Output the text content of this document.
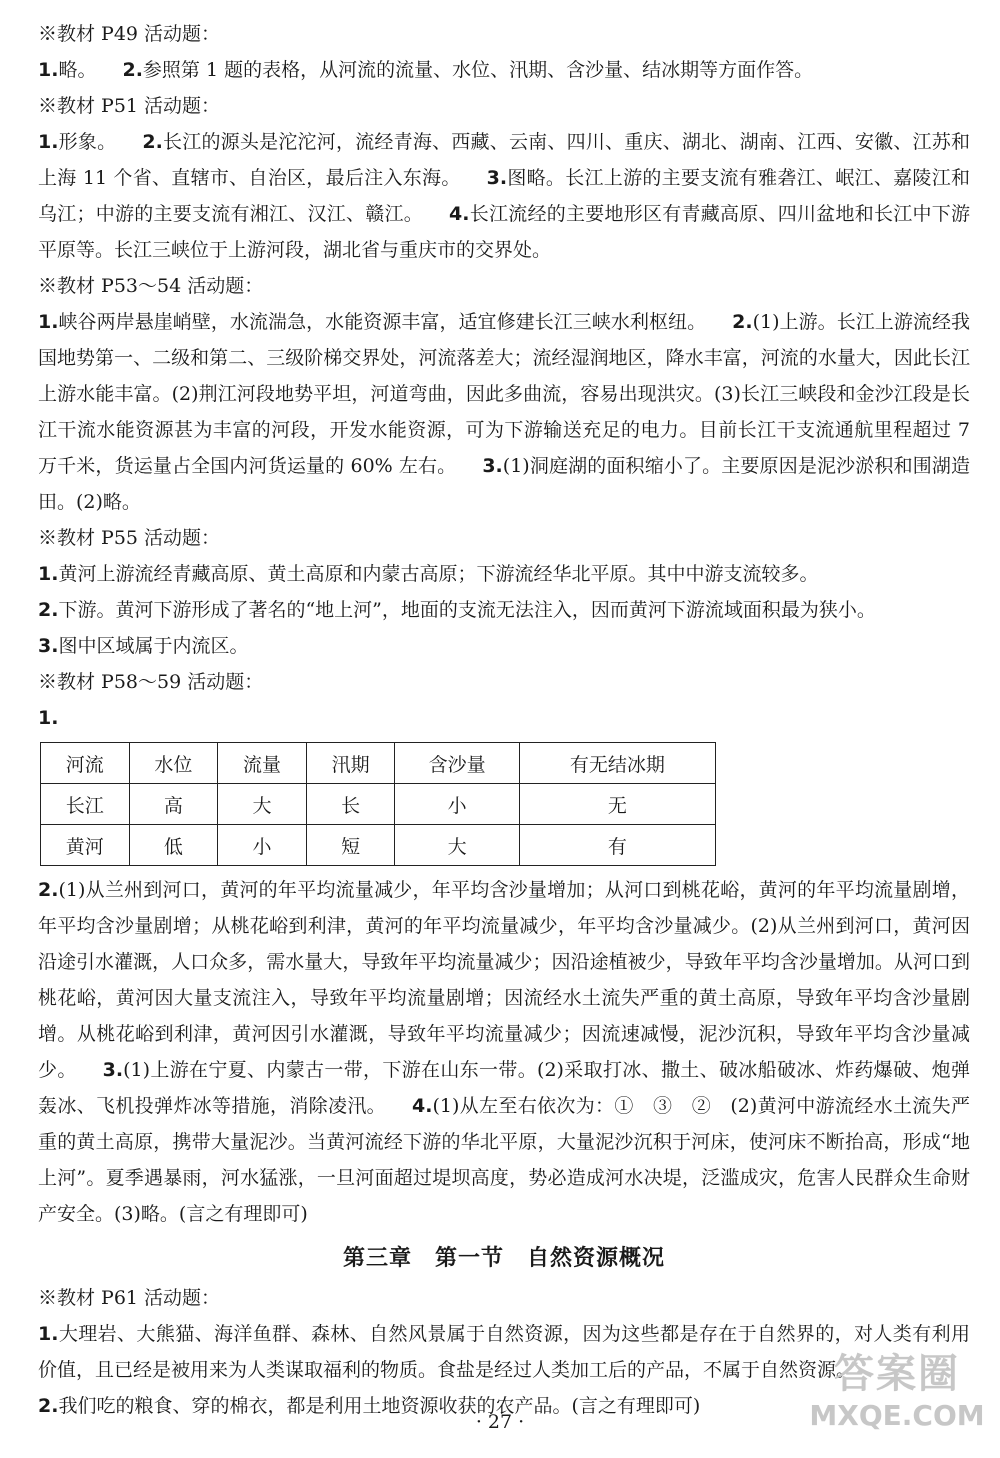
※教材 P49 活动题：

1.略。 2.参照第 1 题的表格，从河流的流量、水位、汛期、含沙量、结冰期等方面作答。

※教材 P51 活动题：

1.形象。 2.长江的源头是沱沱河，流经青海、西藏、云南、四川、重庆、湖北、湖南、江西、安徽、江苏和上海 11 个省、直辖市、自治区，最后注入东海。 3.图略。长江上游的主要支流有雅砻江、岷江、嘉陵江和乌江；中游的主要支流有湘江、汉江、赣江。 4.长江流经的主要地形区有青藏高原、四川盆地和长江中下游平原等。长江三峡位于上游河段，湖北省与重庆市的交界处。

※教材 P53～54 活动题：

1.峡谷两岸悬崖峭壁，水流湍急，水能资源丰富，适宜修建长江三峡水利枢纽。 2.(1)上游。长江上游流经我国地势第一、二级和第二、三级阶梯交界处，河流落差大；流经湿润地区，降水丰富，河流的水量大，因此长江上游水能丰富。(2)荆江河段地势平坦，河道弯曲，因此多曲流，容易出现洪灾。(3)长江三峡段和金沙江段是长江干流水能资源甚为丰富的河段，开发水能资源，可为下游输送充足的电力。目前长江干支流通航里程超过 7 万千米，货运量占全国内河货运量的 60% 左右。 3.(1)洞庭湖的面积缩小了。主要原因是泥沙淤积和围湖造田。(2)略。

※教材 P55 活动题：

1.黄河上游流经青藏高原、黄土高原和内蒙古高原；下游流经华北平原。其中中游支流较多。

2.下游。黄河下游形成了著名的“地上河”，地面的支流无法注入，因而黄河下游流域面积最为狭小。

3.图中区域属于内流区。

※教材 P58～59 活动题：

1.

河流	水位	流量	汛期	含沙量	有无结冰期
长江	高	大	长	小	无
黄河	低	小	短	大	有

2.(1)从兰州到河口，黄河的年平均流量减少，年平均含沙量增加；从河口到桃花峪，黄河的年平均流量剧增，年平均含沙量剧增；从桃花峪到利津，黄河的年平均流量减少，年平均含沙量减少。(2)从兰州到河口，黄河因沿途引水灌溉，人口众多，需水量大，导致年平均流量减少；因沿途植被少，导致年平均含沙量增加。从河口到桃花峪，黄河因大量支流注入，导致年平均流量剧增；因流经水土流失严重的黄土高原，导致年平均含沙量剧增。从桃花峪到利津，黄河因引水灌溉，导致年平均流量减少；因流速减慢，泥沙沉积，导致年平均含沙量减少。 3.(1)上游在宁夏、内蒙古一带，下游在山东一带。(2)采取打冰、撒土、破冰船破冰、炸药爆破、炮弹轰冰、飞机投弹炸冰等措施，消除凌汛。 4.(1)从左至右依次为：①　③　②　(2)黄河中游流经水土流失严重的黄土高原，携带大量泥沙。当黄河流经下游的华北平原，大量泥沙沉积于河床，使河床不断抬高，形成“地上河”。夏季遇暴雨，河水猛涨，一旦河面超过堤坝高度，势必造成河水决堤，泛滥成灾，危害人民群众生命财产安全。(3)略。(言之有理即可)

第三章　第一节　自然资源概况
※教材 P61 活动题：

1.大理岩、大熊猫、海洋鱼群、森林、自然风景属于自然资源，因为这些都是存在于自然界的，对人类有利用价值，且已经是被用来为人类谋取福利的物质。食盐是经过人类加工后的产品，不属于自然资源。

2.我们吃的粮食、穿的棉衣，都是利用土地资源收获的农产品。(言之有理即可)

· 27 ·
答案圈
MXQE.COM
